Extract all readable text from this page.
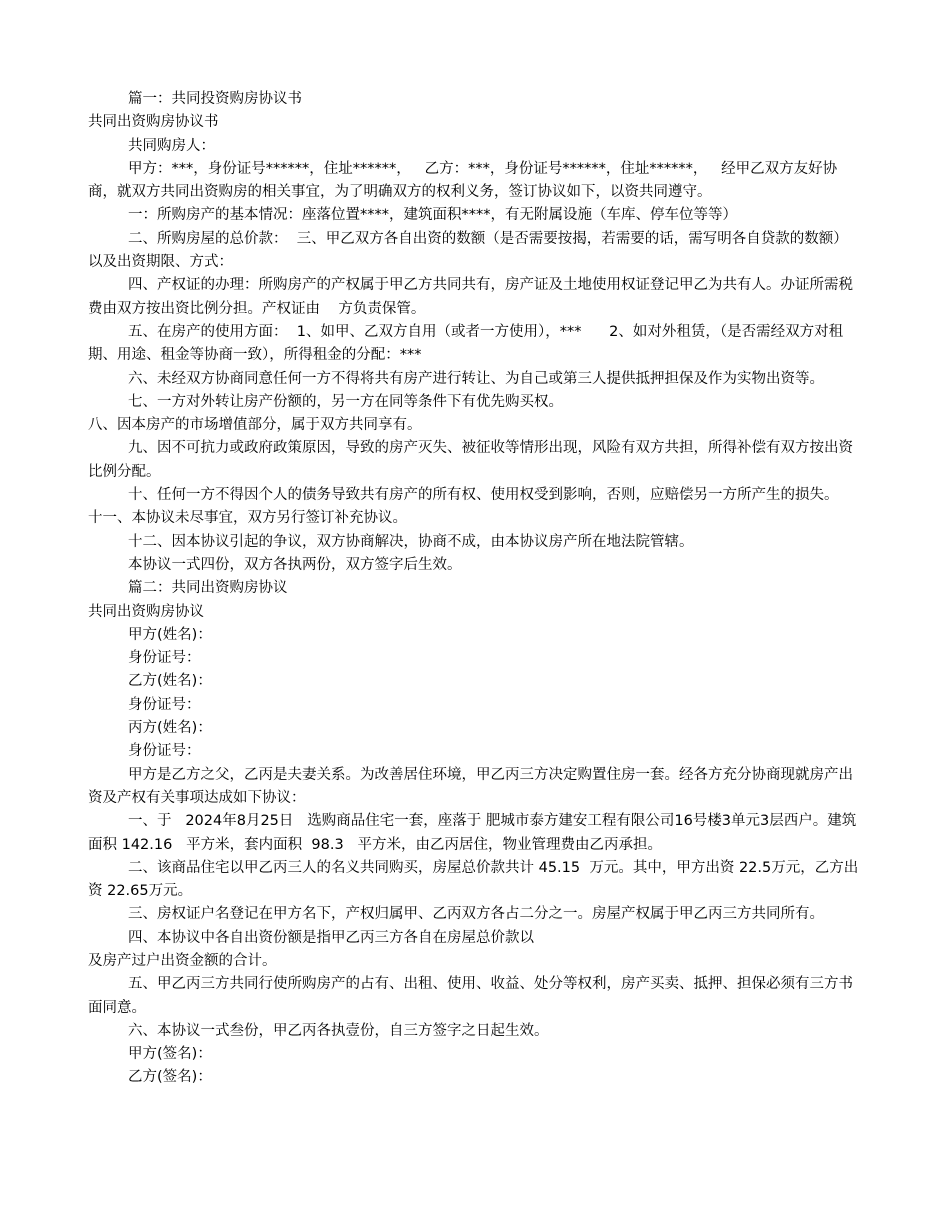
篇一：共同投资购房协议书

共同出资购房协议书

共同购房人：

甲方：***，身份证号******，住址******，   乙方：***，身份证号******，住址******，   经甲乙双方友好协商，就双方共同出资购房的相关事宜，为了明确双方的权利义务，签订协议如下，以资共同遵守。

一：所购房产的基本情况：座落位置****，建筑面积****，有无附属设施（车库、停车位等等）

二、所购房屋的总价款：  三、甲乙双方各自出资的数额（是否需要按揭，若需要的话，需写明各自贷款的数额）以及出资期限、方式：

四、产权证的办理：所购房产的产权属于甲乙方共同共有，房产证及土地使用权证登记甲乙为共有人。办证所需税费由双方按出资比例分担。产权证由    方负责保管。

五、在房产的使用方面：  1、如甲、乙双方自用（或者一方使用），***      2、如对外租赁，（是否需经双方对租期、用途、租金等协商一致），所得租金的分配：***

六、未经双方协商同意任何一方不得将共有房产进行转让、为自己或第三人提供抵押担保及作为实物出资等。

七、一方对外转让房产份额的，另一方在同等条件下有优先购买权。

八、因本房产的市场增值部分，属于双方共同享有。

九、因不可抗力或政府政策原因，导致的房产灭失、被征收等情形出现，风险有双方共担，所得补偿有双方按出资比例分配。

十、任何一方不得因个人的债务导致共有房产的所有权、使用权受到影响，否则，应赔偿另一方所产生的损失。   十一、本协议未尽事宜，双方另行签订补充协议。

十二、因本协议引起的争议，双方协商解决，协商不成，由本协议房产所在地法院管辖。

本协议一式四份，双方各执两份，双方签字后生效。

篇二：共同出资购房协议

共同出资购房协议

甲方(姓名)：

身份证号：

乙方(姓名)：

身份证号：

丙方(姓名)：

身份证号：

甲方是乙方之父，乙丙是夫妻关系。为改善居住环境，甲乙丙三方决定购置住房一套。经各方充分协商现就房产出资及产权有关事项达成如下协议：

一、于   2024年8月25日   选购商品住宅一套，座落于 肥城市泰方建安工程有限公司16号楼3单元3层西户。建筑面积 142.16   平方米，套内面积  98.3   平方米，由乙丙居住，物业管理费由乙丙承担。

二、该商品住宅以甲乙丙三人的名义共同购买，房屋总价款共计 45.15  万元。其中，甲方出资 22.5万元，乙方出资 22.65万元。

三、房权证户名登记在甲方名下，产权归属甲、乙丙双方各占二分之一。房屋产权属于甲乙丙三方共同所有。

四、本协议中各自出资份额是指甲乙丙三方各自在房屋总价款以

及房产过户出资金额的合计。

五、甲乙丙三方共同行使所购房产的占有、出租、使用、收益、处分等权利，房产买卖、抵押、担保必须有三方书面同意。

六、本协议一式叁份，甲乙丙各执壹份，自三方签字之日起生效。

甲方(签名)：

乙方(签名)：
